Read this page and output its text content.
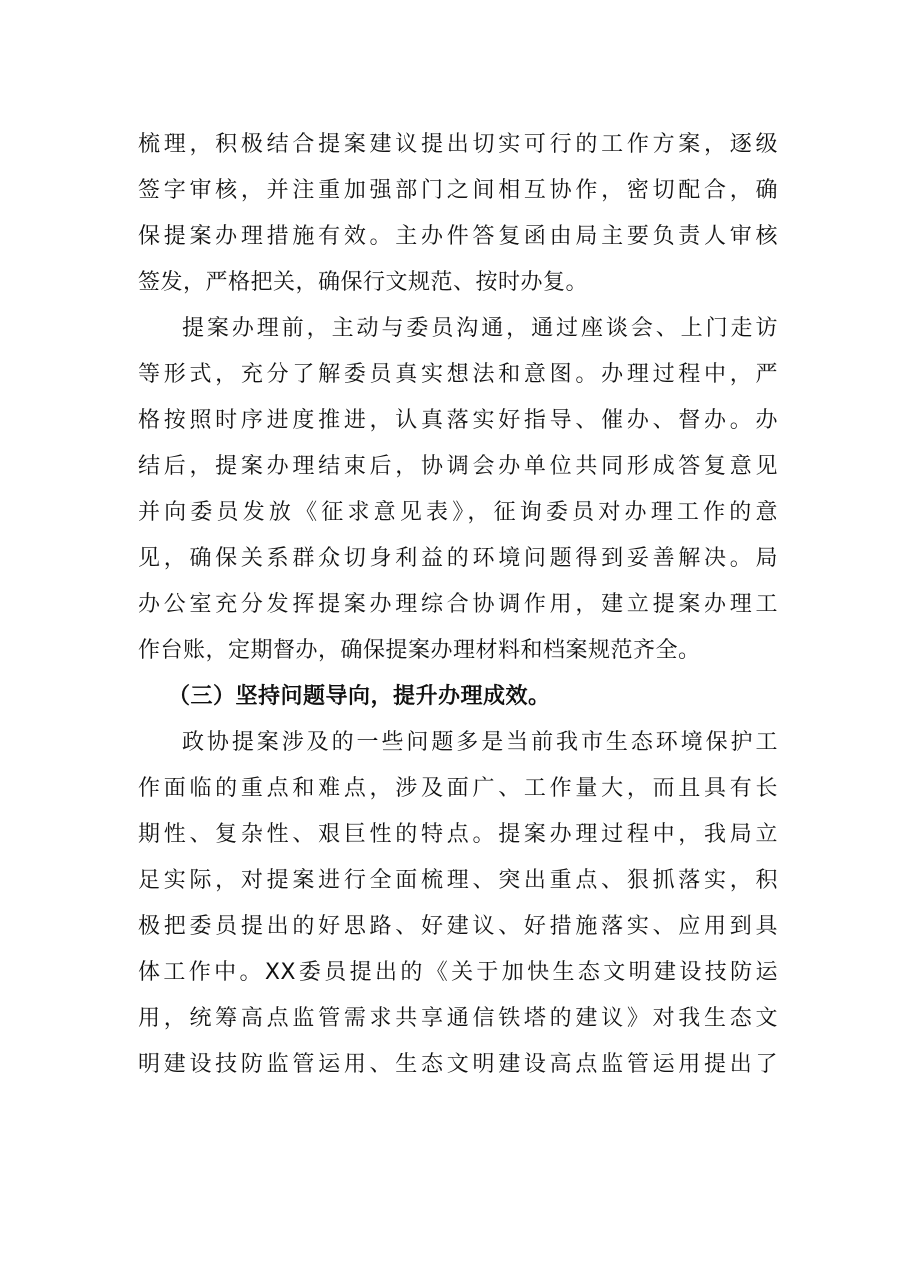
梳理，积极结合提案建议提出切实可行的工作方案，逐级
签字审核，并注重加强部门之间相互协作，密切配合，确
保提案办理措施有效。主办件答复函由局主要负责人审核
签发，严格把关，确保行文规范、按时办复。
提案办理前，主动与委员沟通，通过座谈会、上门走访
等形式，充分了解委员真实想法和意图。办理过程中，严
格按照时序进度推进，认真落实好指导、催办、督办。办
结后，提案办理结束后，协调会办单位共同形成答复意见
并向委员发放《征求意见表》，征询委员对办理工作的意
见，确保关系群众切身利益的环境问题得到妥善解决。局
办公室充分发挥提案办理综合协调作用，建立提案办理工
作台账，定期督办，确保提案办理材料和档案规范齐全。
（三）坚持问题导向，提升办理成效。
政协提案涉及的一些问题多是当前我市生态环境保护工
作面临的重点和难点，涉及面广、工作量大，而且具有长
期性、复杂性、艰巨性的特点。提案办理过程中，我局立
足实际，对提案进行全面梳理、突出重点、狠抓落实，积
极把委员提出的好思路、好建议、好措施落实、应用到具
体工作中。XX委员提出的《关于加快生态文明建设技防运
用，统筹高点监管需求共享通信铁塔的建议》对我生态文
明建设技防监管运用、生态文明建设高点监管运用提出了
